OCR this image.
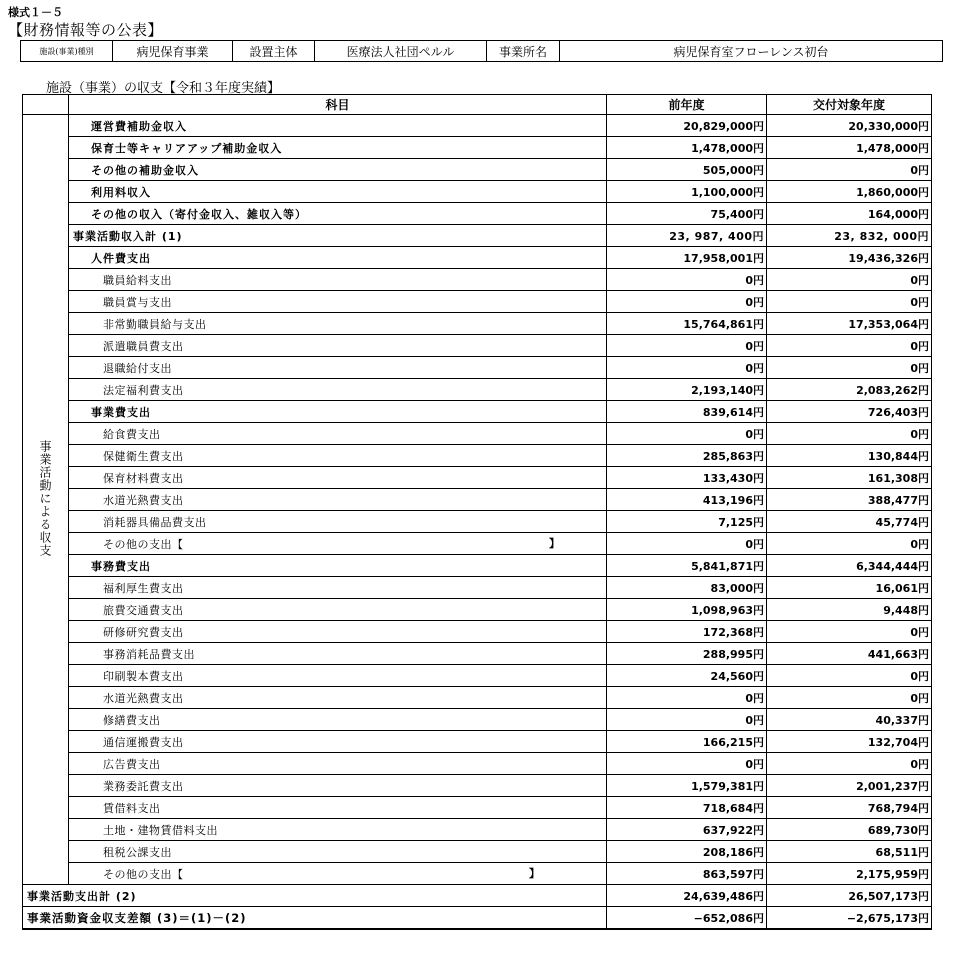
様式１－５
【財務情報等の公表】
施設(事業)種別	病児保育事業	設置主体	医療法人社団ペルル	事業所名	病児保育室フローレンス初台
施設（事業）の収支【令和３年度実績】
	科目	前年度	交付対象年度
事業活動による収支	運営費補助金収入	20,829,000円	20,330,000円
	保育士等キャリアアップ補助金収入	1,478,000円	1,478,000円
	その他の補助金収入	505,000円	0円
	利用料収入	1,100,000円	1,860,000円
	その他の収入（寄付金収入、雑収入等）	75,400円	164,000円
	事業活動収入計 (1)	23, 987, 400円	23, 832, 000円
	人件費支出	17,958,001円	19,436,326円
	職員給料支出	0円	0円
	職員賞与支出	0円	0円
	非常勤職員給与支出	15,764,861円	17,353,064円
	派遣職員費支出	0円	0円
	退職給付支出	0円	0円
	法定福利費支出	2,193,140円	2,083,262円
	事業費支出	839,614円	726,403円
	給食費支出	0円	0円
	保健衛生費支出	285,863円	130,844円
	保育材料費支出	133,430円	161,308円
	水道光熱費支出	413,196円	388,477円
	消耗器具備品費支出	7,125円	45,774円
	その他の支出【 】	0円	0円
	事務費支出	5,841,871円	6,344,444円
	福利厚生費支出	83,000円	16,061円
	旅費交通費支出	1,098,963円	9,448円
	研修研究費支出	172,368円	0円
	事務消耗品費支出	288,995円	441,663円
	印刷製本費支出	24,560円	0円
	水道光熱費支出	0円	0円
	修繕費支出	0円	40,337円
	通信運搬費支出	166,215円	132,704円
	広告費支出	0円	0円
	業務委託費支出	1,579,381円	2,001,237円
	賃借料支出	718,684円	768,794円
	土地・建物賃借料支出	637,922円	689,730円
	租税公課支出	208,186円	68,511円
	その他の支出【 】	863,597円	2,175,959円
事業活動支出計 (2)		24,639,486円	26,507,173円
事業活動資金収支差額 (3)＝(1)－(2)		−652,086円	−2,675,173円
